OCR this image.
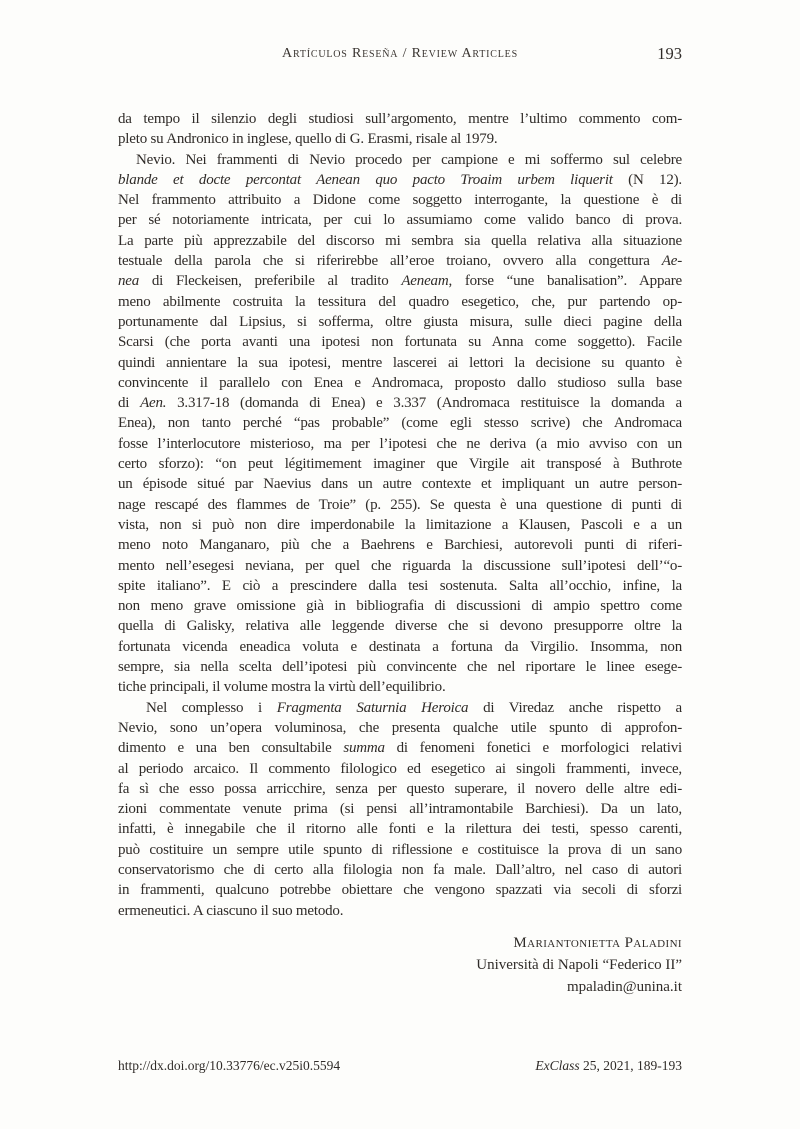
Artículos Reseña / Review Articles	193
da tempo il silenzio degli studiosi sull’argomento, mentre l’ultimo commento com-
pleto su Andronico in inglese, quello di G. Erasmi, risale al 1979.
Nevio. Nei frammenti di Nevio procedo per campione e mi soffermo sul celebre
blande et docte percontat Aenean quo pacto Troaim urbem liquerit (N 12).
Nel frammento attribuito a Didone come soggetto interrogante, la questione è di
per sé notoriamente intricata, per cui lo assumiamo come valido banco di prova.
La parte più apprezzabile del discorso mi sembra sia quella relativa alla situazione
testuale della parola che si riferirebbe all’eroe troiano, ovvero alla congettura Ae-
nea di Fleckeisen, preferibile al tradito Aeneam, forse “une banalisation”. Appare
meno abilmente costruita la tessitura del quadro esegetico, che, pur partendo op-
portunamente dal Lipsius, si sofferma, oltre giusta misura, sulle dieci pagine della
Scarsi (che porta avanti una ipotesi non fortunata su Anna come soggetto). Facile
quindi annientare la sua ipotesi, mentre lascerei ai lettori la decisione su quanto è
convincente il parallelo con Enea e Andromaca, proposto dallo studioso sulla base
di Aen. 3.317-18 (domanda di Enea) e 3.337 (Andromaca restituisce la domanda a
Enea), non tanto perché “pas probable” (come egli stesso scrive) che Andromaca
fosse l’interlocutore misterioso, ma per l’ipotesi che ne deriva (a mio avviso con un
certo sforzo): “on peut légitimement imaginer que Virgile ait transposé à Buthrote
un épisode situé par Naevius dans un autre contexte et impliquant un autre person-
nage rescapé des flammes de Troie” (p. 255). Se questa è una questione di punti di
vista, non si può non dire imperdonabile la limitazione a Klausen, Pascoli e a un
meno noto Manganaro, più che a Baehrens e Barchiesi, autorevoli punti di riferi-
mento nell’esegesi neviana, per quel che riguarda la discussione sull’ipotesi dell’“o-
spite italiano”. E ciò a prescindere dalla tesi sostenuta. Salta all’occhio, infine, la
non meno grave omissione già in bibliografia di discussioni di ampio spettro come
quella di Galisky, relativa alle leggende diverse che si devono presupporre oltre la
fortunata vicenda eneadica voluta e destinata a fortuna da Virgilio. Insomma, non
sempre, sia nella scelta dell’ipotesi più convincente che nel riportare le linee esege-
tiche principali, il volume mostra la virtù dell’equilibrio.
Nel complesso i Fragmenta Saturnia Heroica di Viredaz anche rispetto a
Nevio, sono un’opera voluminosa, che presenta qualche utile spunto di approfon-
dimento e una ben consultabile summa di fenomeni fonetici e morfologici relativi
al periodo arcaico. Il commento filologico ed esegetico ai singoli frammenti, invece,
fa sì che esso possa arricchire, senza per questo superare, il novero delle altre edi-
zioni commentate venute prima (si pensi all’intramontabile Barchiesi). Da un lato,
infatti, è innegabile che il ritorno alle fonti e la rilettura dei testi, spesso carenti,
può costituire un sempre utile spunto di riflessione e costituisce la prova di un sano
conservatorismo che di certo alla filologia non fa male. Dall’altro, nel caso di autori
in frammenti, qualcuno potrebbe obiettare che vengono spazzati via secoli di sforzi
ermeneutici. A ciascuno il suo metodo.
Mariantonietta Paladini
Università di Napoli “Federico II”
mpaladin@unina.it
http://dx.doi.org/10.33776/ec.v25i0.5594	ExClass 25, 2021, 189-193
